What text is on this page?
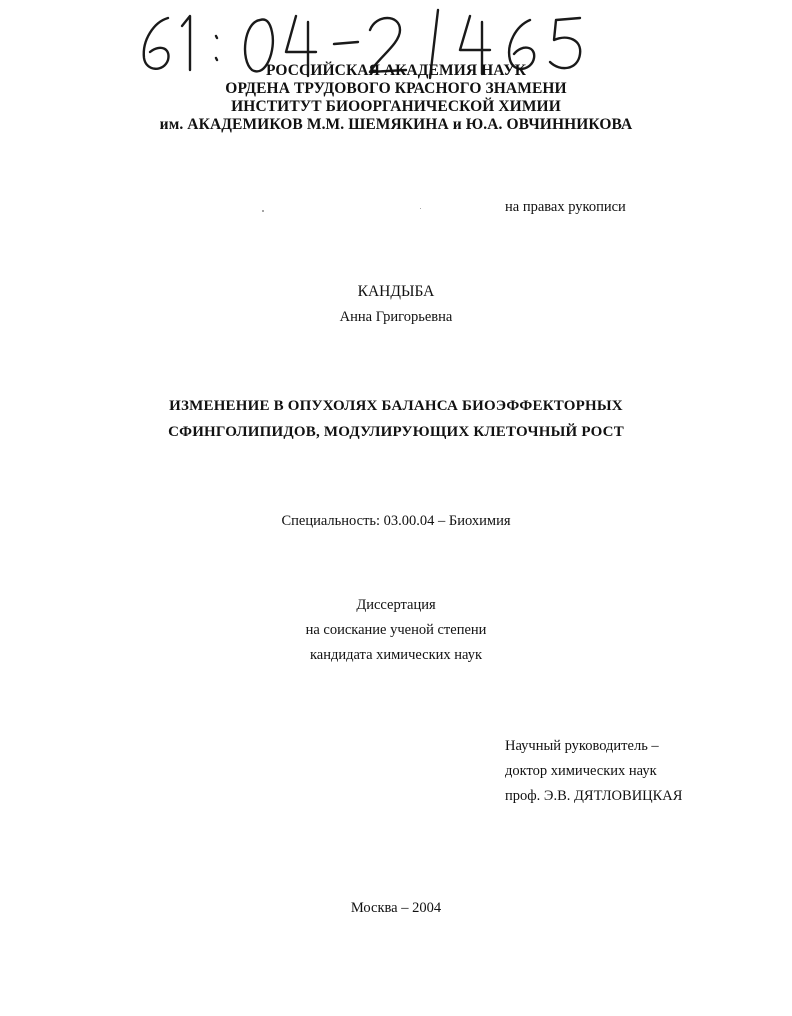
РОССИЙСКАЯ АКАДЕМИЯ НАУК
ОРДЕНА ТРУДОВОГО КРАСНОГО ЗНАМЕНИ
ИНСТИТУТ БИООРГАНИЧЕСКОЙ ХИМИИ
им. АКАДЕМИКОВ М.М. ШЕМЯКИНА и Ю.А. ОВЧИННИКОВА
на правах рукописи
КАНДЫБА
Анна Григорьевна
ИЗМЕНЕНИЕ В ОПУХОЛЯХ БАЛАНСА БИОЭФФЕКТОРНЫХ
СФИНГОЛИПИДОВ, МОДУЛИРУЮЩИХ КЛЕТОЧНЫЙ РОСТ
Специальность: 03.00.04 – Биохимия
Диссертация
на соискание ученой степени
кандидата химических наук
Научный руководитель –
доктор химических наук
проф. Э.В. ДЯТЛОВИЦКАЯ
Москва – 2004
